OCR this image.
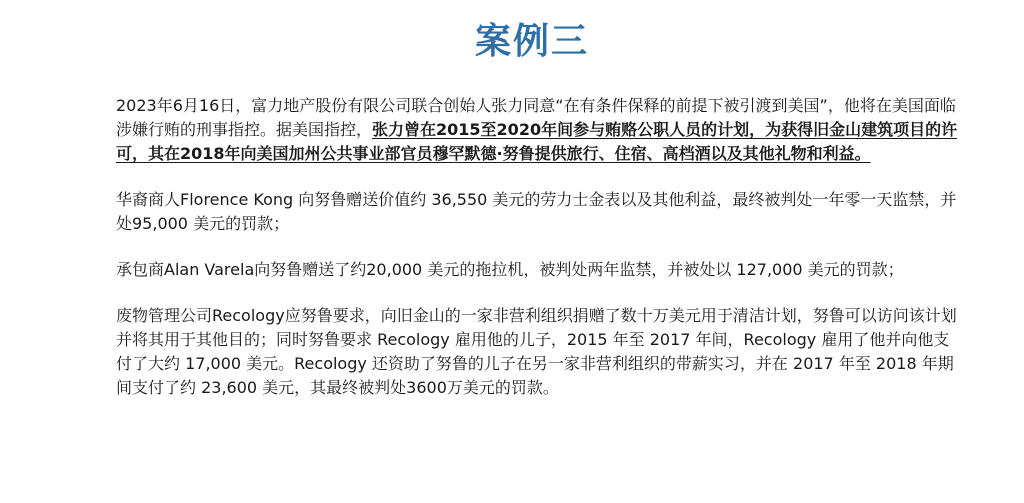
案例三

2023年6月16日，富力地产股份有限公司联合创始人张力同意“在有条件保释的前提下被引渡到美国”，他将在美国面临涉嫌行贿的刑事指控。据美国指控，张力曾在2015至2020年间参与贿赂公职人员的计划，为获得旧金山建筑项目的许可，其在2018年向美国加州公共事业部官员穆罕默德·努鲁提供旅行、住宿、高档酒以及其他礼物和利益。

华裔商人Florence Kong 向努鲁赠送价值约 36,550 美元的劳力士金表以及其他利益，最终被判处一年零一天监禁，并处95,000 美元的罚款；

承包商Alan Varela向努鲁赠送了约20,000 美元的拖拉机，被判处两年监禁，并被处以 127,000 美元的罚款；

废物管理公司Recology应努鲁要求，向旧金山的一家非营利组织捐赠了数十万美元用于清洁计划，努鲁可以访问该计划并将其用于其他目的；同时努鲁要求 Recology 雇用他的儿子，2015 年至 2017 年间，Recology 雇用了他并向他支付了大约 17,000 美元。Recology 还资助了努鲁的儿子在另一家非营利组织的带薪实习，并在 2017 年至 2018 年期间支付了约 23,600 美元，其最终被判处3600万美元的罚款。
